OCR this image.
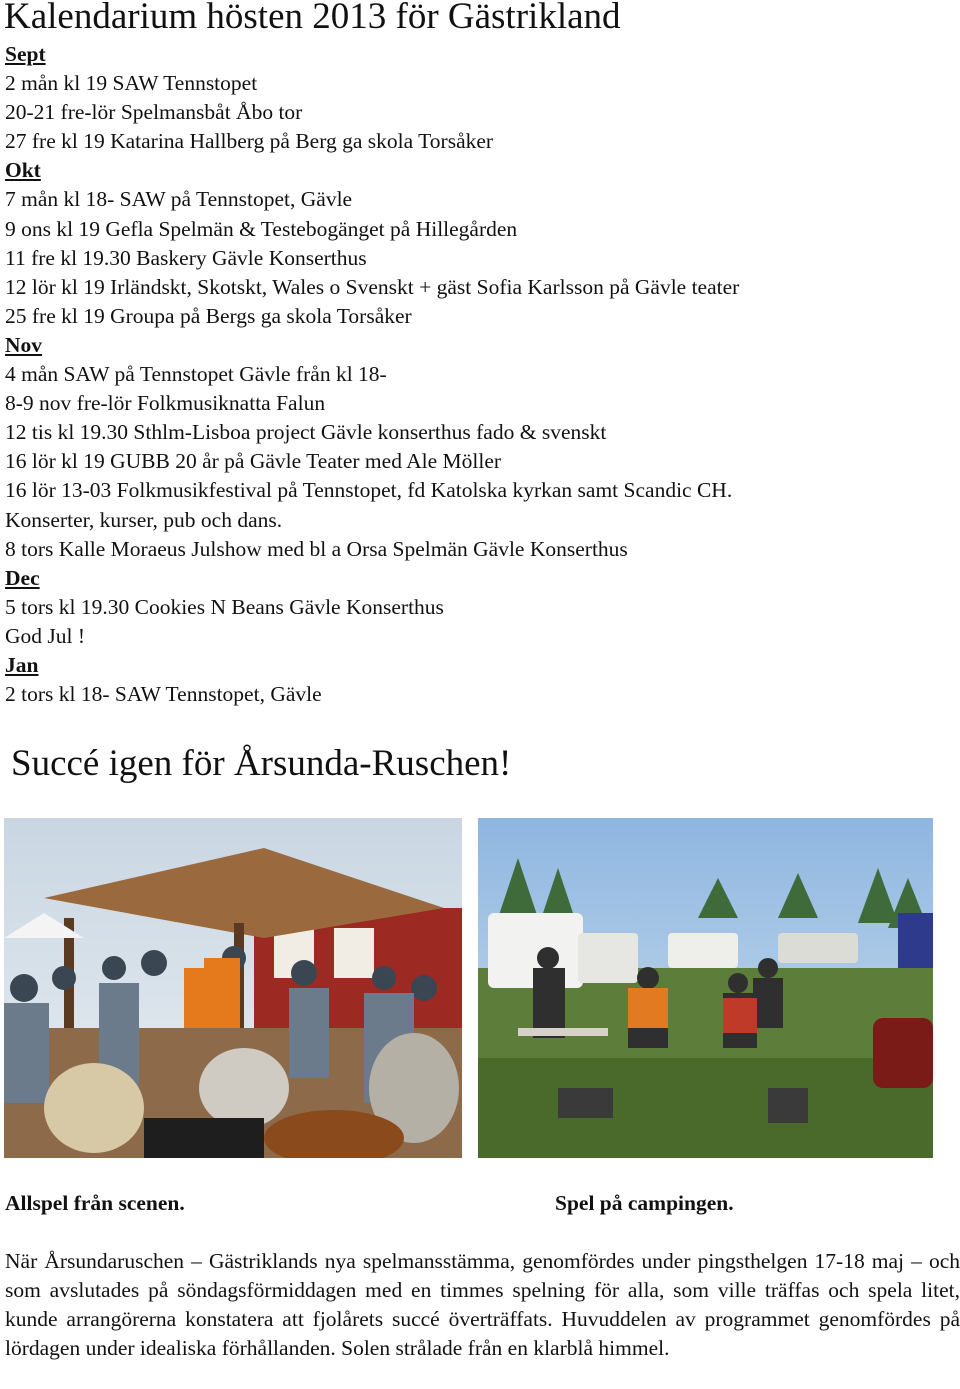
Kalendarium hösten 2013 för Gästrikland
Sept
2 mån kl 19 SAW Tennstopet
20-21 fre-lör Spelmansbåt Åbo tor
27 fre kl 19 Katarina Hallberg på Berg ga skola Torsåker
Okt
7 mån kl 18- SAW på Tennstopet, Gävle
9 ons kl 19 Gefla Spelmän & Testebogänget på Hillegården
11 fre kl 19.30 Baskery Gävle Konserthus
12 lör kl 19 Irländskt, Skotskt, Wales o Svenskt + gäst Sofia Karlsson på Gävle teater
25 fre kl 19 Groupa på Bergs ga skola Torsåker
Nov
4 mån SAW på Tennstopet Gävle från kl 18-
8-9 nov fre-lör Folkmusiknatta Falun
12 tis kl 19.30 Sthlm-Lisboa project Gävle konserthus fado & svenskt
16 lör kl 19 GUBB 20 år på Gävle Teater med Ale Möller
16 lör 13-03 Folkmusikfestival på Tennstopet, fd Katolska kyrkan samt Scandic CH.
Konserter, kurser, pub och dans.
8 tors Kalle Moraeus Julshow med bl a Orsa Spelmän Gävle Konserthus
Dec
5 tors kl 19.30 Cookies N Beans Gävle Konserthus
God Jul !
Jan
2 tors kl 18- SAW Tennstopet, Gävle
Succé igen för Årsunda-Ruschen!
Allspel från scenen.	Spel på campingen.
När Årsundaruschen – Gästriklands nya spelmansstämma, genomfördes under pingsthelgen 17-18 maj – och som avslutades på söndagsförmiddagen med en timmes spelning för alla, som ville träffas och spela litet, kunde arrangörerna konstatera att fjolårets succé överträffats. Huvuddelen av programmet genomfördes på lördagen under idealiska förhållanden. Solen strålade från en klarblå himmel.
